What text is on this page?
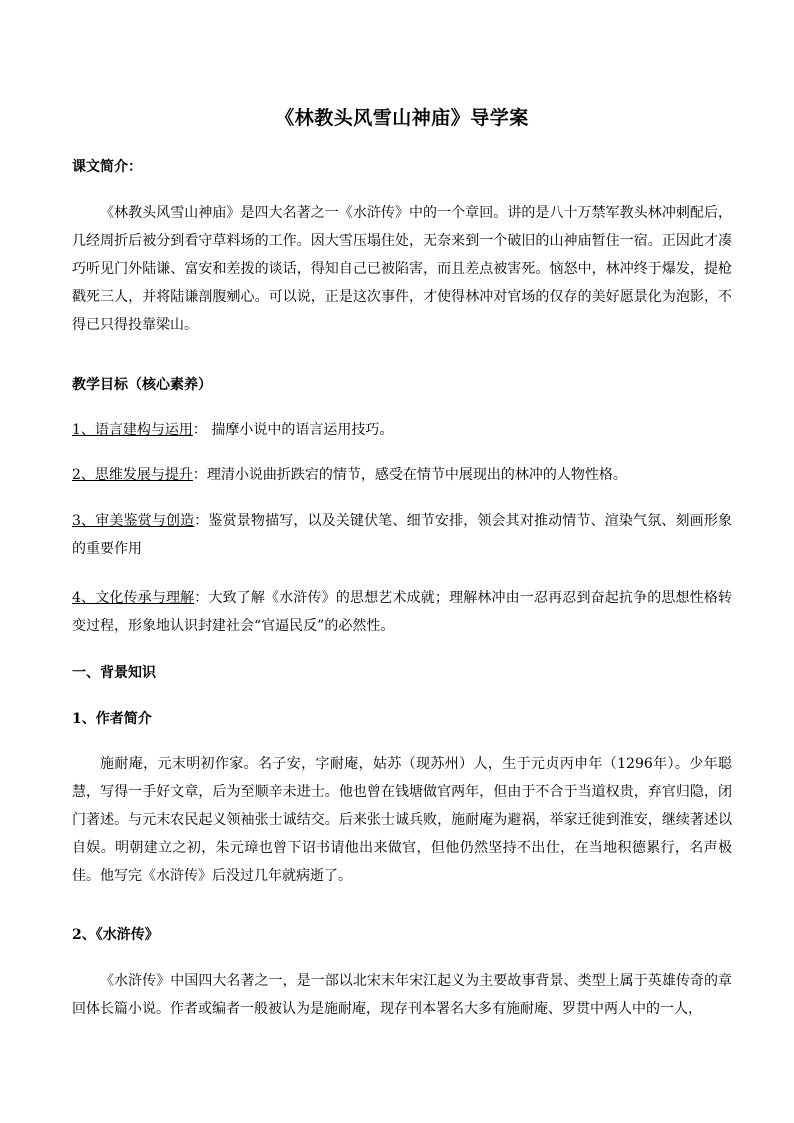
《林教头风雪山神庙》导学案
课文简介：
《林教头风雪山神庙》是四大名著之一《水浒传》中的一个章回。讲的是八十万禁军教头林冲刺配后，几经周折后被分到看守草料场的工作。因大雪压塌住处，无奈来到一个破旧的山神庙暂住一宿。正因此才凑巧听见门外陆谦、富安和差拨的谈话，得知自己已被陷害，而且差点被害死。恼怒中，林冲终于爆发，提枪戳死三人，并将陆谦剖腹剜心。可以说，正是这次事件，才使得林冲对官场的仅存的美好愿景化为泡影，不得已只得投靠梁山。
教学目标（核心素养）
1、语言建构与运用： 揣摩小说中的语言运用技巧。
2、思维发展与提升：理清小说曲折跌宕的情节，感受在情节中展现出的林冲的人物性格。
3、审美鉴赏与创造：鉴赏景物描写，以及关键伏笔、细节安排，领会其对推动情节、渲染气氛、刻画形象的重要作用
4、文化传承与理解：大致了解《水浒传》的思想艺术成就；理解林冲由一忍再忍到奋起抗争的思想性格转变过程，形象地认识封建社会“官逼民反”的必然性。
一、背景知识
1、作者简介
施耐庵，元末明初作家。名子安，字耐庵，姑苏（现苏州）人，生于元贞丙申年（1296年）。少年聪慧，写得一手好文章，后为至顺辛未进士。他也曾在钱塘做官两年，但由于不合于当道权贵，弃官归隐，闭门著述。与元末农民起义领袖张士诚结交。后来张士诚兵败，施耐庵为避祸，举家迁徙到淮安，继续著述以自娱。明朝建立之初，朱元璋也曾下诏书请他出来做官，但他仍然坚持不出仕，在当地积德累行，名声极佳。他写完《水浒传》后没过几年就病逝了。
2、《水浒传》
《水浒传》中国四大名著之一，是一部以北宋末年宋江起义为主要故事背景、类型上属于英雄传奇的章回体长篇小说。作者或编者一般被认为是施耐庵，现存刊本署名大多有施耐庵、罗贯中两人中的一人，
